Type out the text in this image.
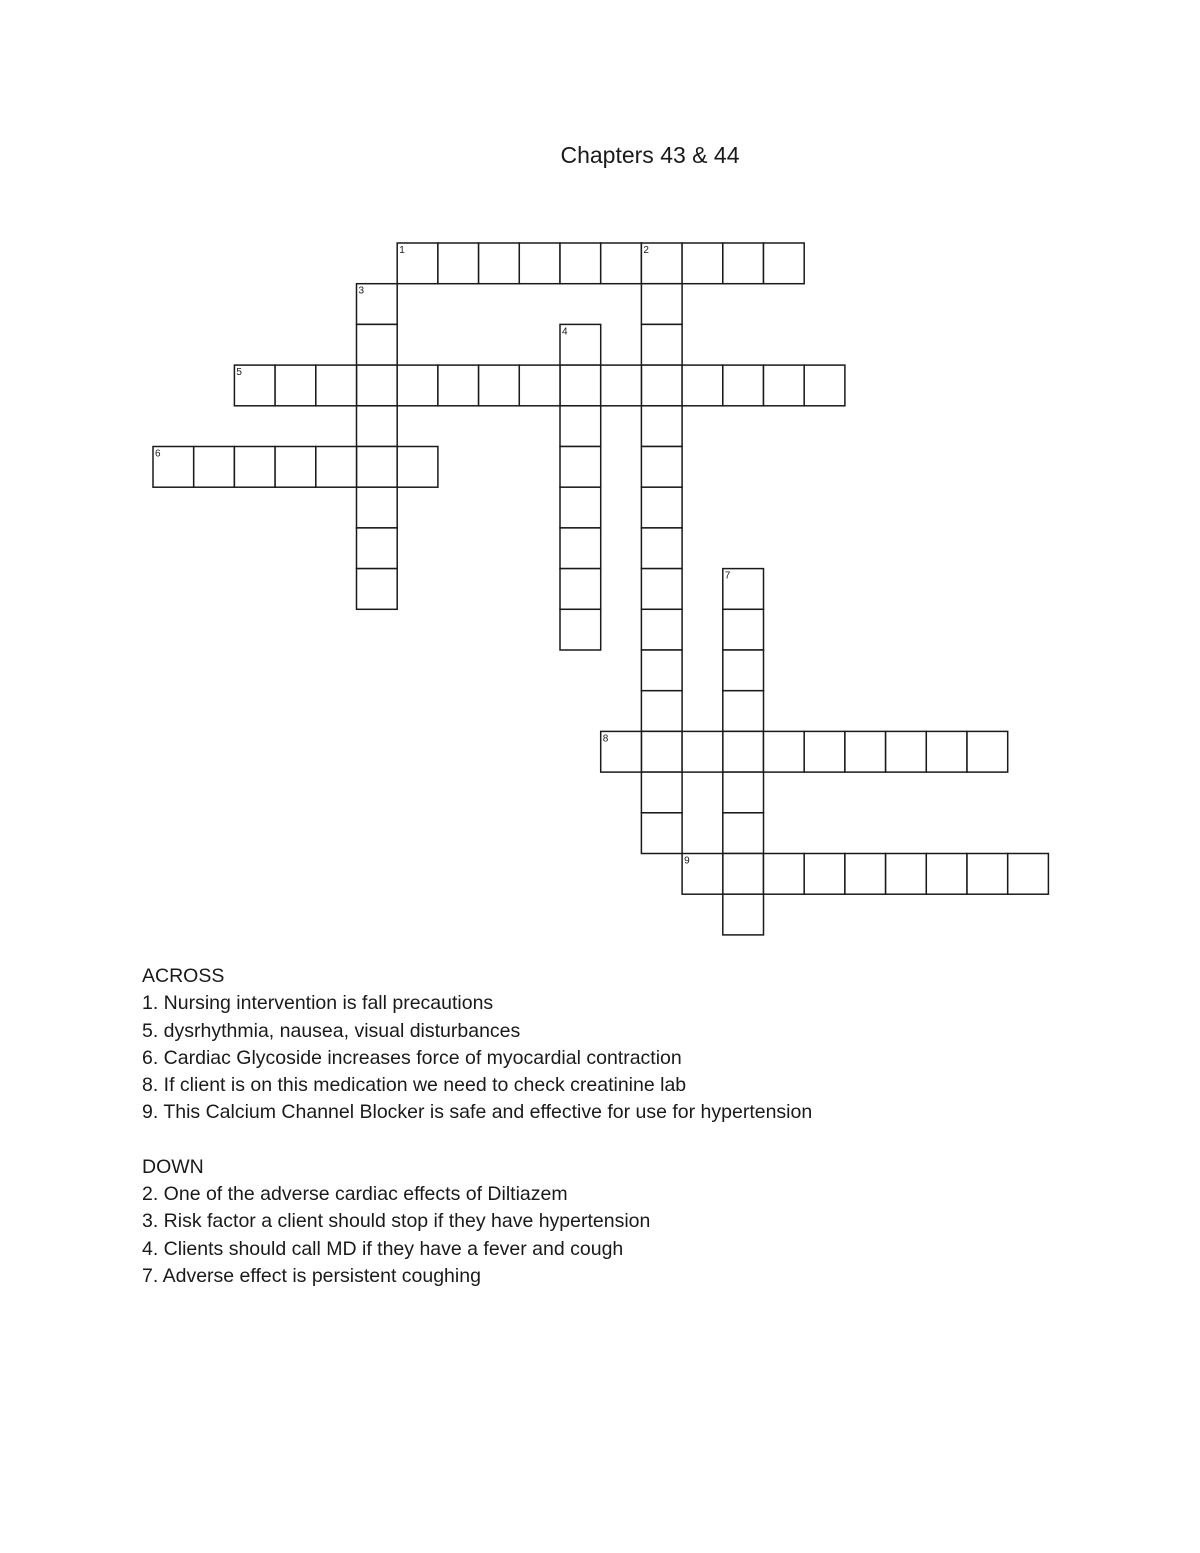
Chapters 43 & 44
1	2
3
4
5
6
7
8
9

ACROSS

1. Nursing intervention is fall precautions
5. dysrhythmia, nausea, visual disturbances
6. Cardiac Glycoside increases force of myocardial contraction
8. If client is on this medication we need to check creatinine lab
9. This Calcium Channel Blocker is safe and effective for use for hypertension

DOWN

2. One of the adverse cardiac effects of Diltiazem
3. Risk factor a client should stop if they have hypertension
4. Clients should call MD if they have a fever and cough
7. Adverse effect is persistent coughing
